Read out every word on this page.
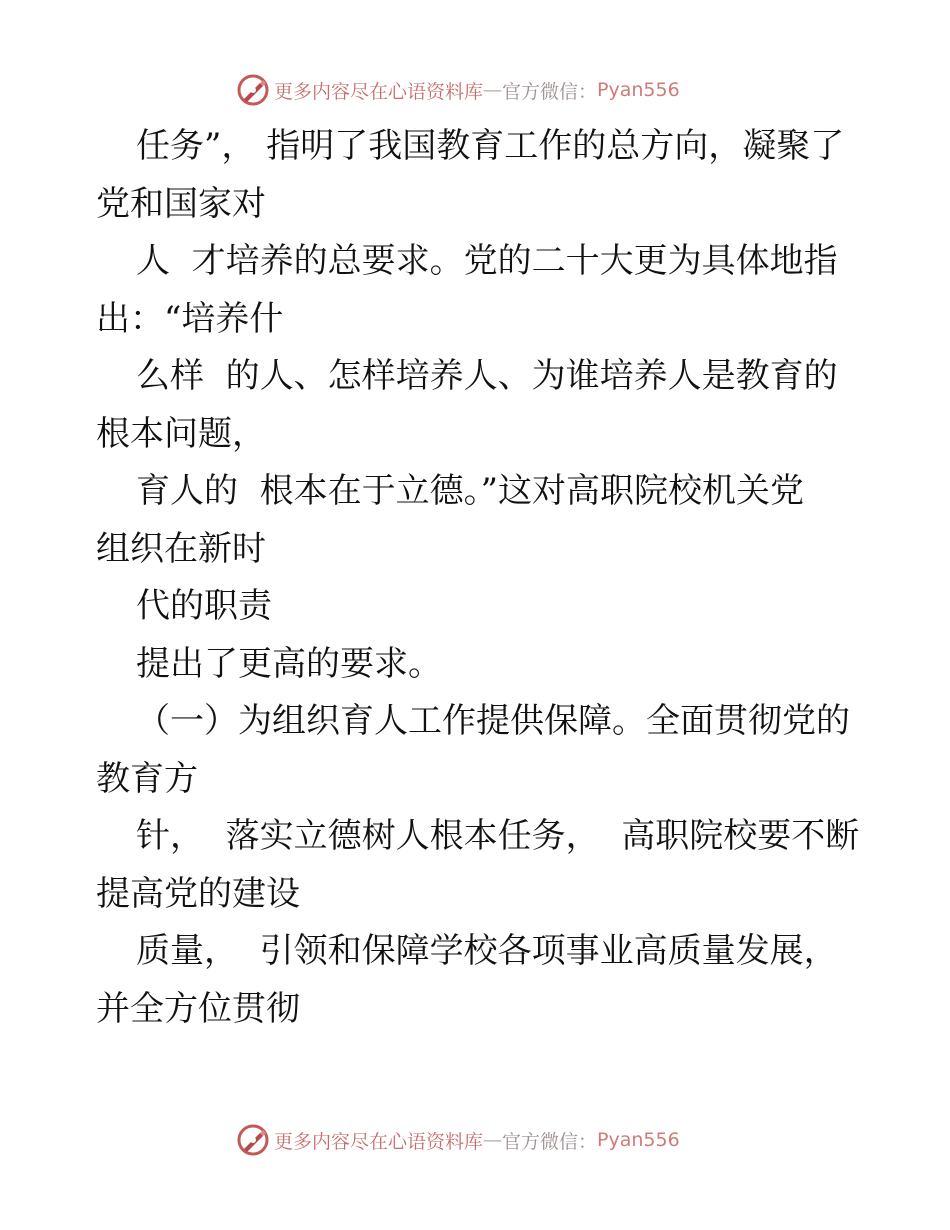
更多内容尽在心语资料库 — 官方微信： Pyan556
任务”， 指明了我国教育工作的总方向，凝聚了
党和国家对
人  才培养的总要求。党的二十大更为具体地指
出：“培养什
么样  的人、怎样培养人、为谁培养人是教育的
根本问题，
育人的  根本在于立德。”这对高职院校机关党
组织在新时
代的职责
提出了更高的要求。
（一）为组织育人工作提供保障。全面贯彻党的
教育方
针，  落实立德树人根本任务，  高职院校要不断
提高党的建设
质量，  引领和保障学校各项事业高质量发展，
并全方位贯彻
更多内容尽在心语资料库 — 官方微信： Pyan556
